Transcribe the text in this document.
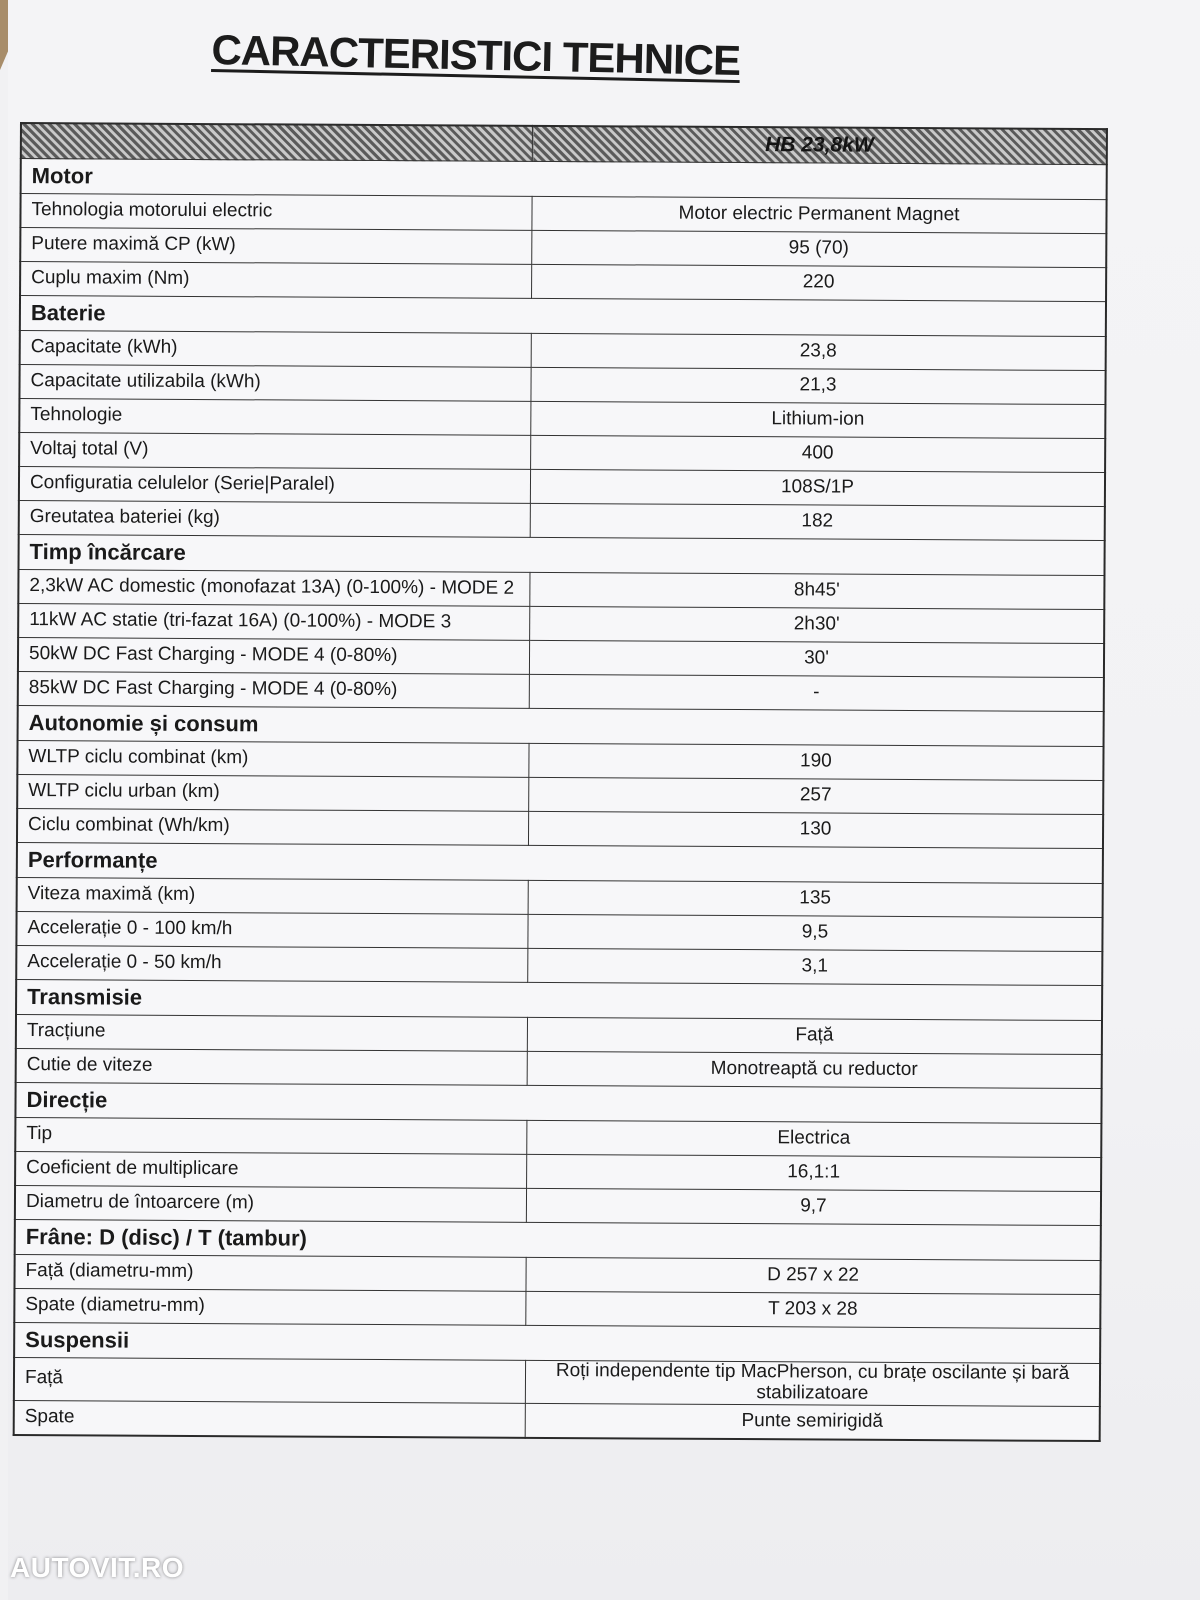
CARACTERISTICI TEHNICE
	HB 23,8kW
Motor	
Tehnologia motorului electric	Motor electric Permanent Magnet
Putere maximă CP (kW)	95 (70)
Cuplu maxim (Nm)	220
Baterie	
Capacitate (kWh)	23,8
Capacitate utilizabila (kWh)	21,3
Tehnologie	Lithium-ion
Voltaj total (V)	400
Configuratia celulelor (Serie|Paralel)	108S/1P
Greutatea bateriei (kg)	182
Timp încărcare	
2,3kW AC domestic (monofazat 13A) (0-100%) - MODE 2	8h45'
11kW AC statie (tri-fazat 16A) (0-100%) - MODE 3	2h30'
50kW DC Fast Charging - MODE 4 (0-80%)	30'
85kW DC Fast Charging - MODE 4 (0-80%)	-
Autonomie și consum	
WLTP ciclu combinat (km)	190
WLTP ciclu urban (km)	257
Ciclu combinat (Wh/km)	130
Performanțe	
Viteza maximă (km)	135
Accelerație 0 - 100 km/h	9,5
Accelerație 0 - 50 km/h	3,1
Transmisie	
Tracțiune	Față
Cutie de viteze	Monotreaptă cu reductor
Direcție	
Tip	Electrica
Coeficient de multiplicare	16,1:1
Diametru de întoarcere (m)	9,7
Frâne: D (disc) / T (tambur)	
Față (diametru-mm)	D 257 x 22
Spate (diametru-mm)	T 203 x 28
Suspensii	
Față	Roți independente tip MacPherson, cu brațe oscilante și bară stabilizatoare
Spate	Punte semirigidă
AUTOVIT.RO
